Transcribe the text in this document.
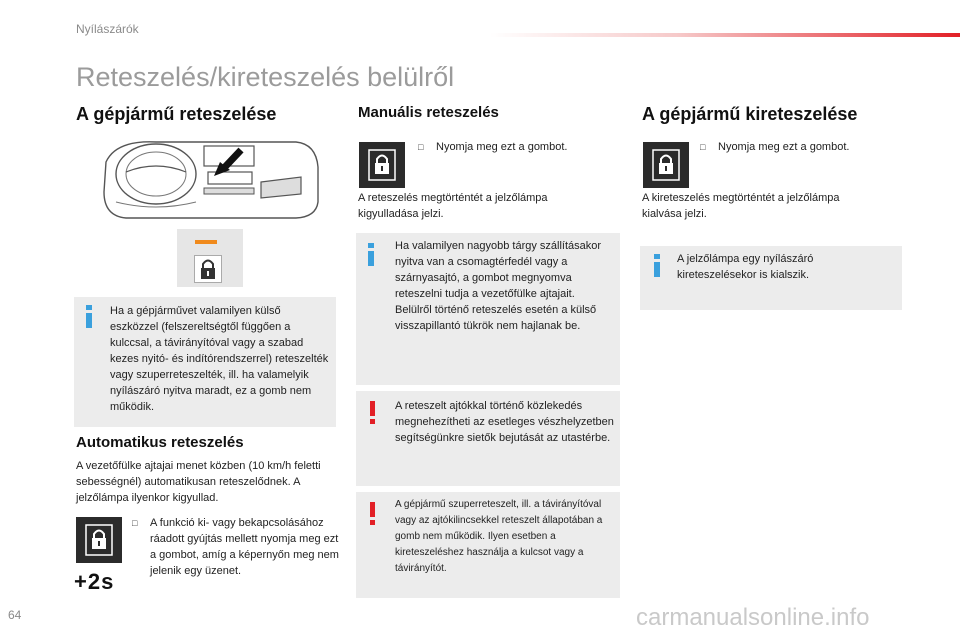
Nyílászárók
Reteszelés/kireteszelés belülről
A gépjármű reteszelése
Ha a gépjárművet valamilyen külső eszközzel (felszereltségtől függően a kulccsal, a távirányítóval vagy a szabad kezes nyitó- és indítórendszerrel) reteszelték vagy szuperreteszelték, ill. ha valamelyik nyílászáró nyitva maradt, ez a gomb nem működik.
Automatikus reteszelés
A vezetőfülke ajtajai menet közben (10 km/h feletti sebességnél) automatikusan reteszelődnek. A jelzőlámpa ilyenkor kigyullad.
+2s
□ A funkció ki- vagy bekapcsolásához ráadott gyújtás mellett nyomja meg ezt a gombot, amíg a képernyőn meg nem jelenik egy üzenet.
Manuális reteszelés
□ Nyomja meg ezt a gombot.
A reteszelés megtörténtét a jelzőlámpa kigyulladása jelzi.
Ha valamilyen nagyobb tárgy szállításakor nyitva van a csomagtérfedél vagy a szárnyasajtó, a gombot megnyomva reteszelni tudja a vezetőfülke ajtajait.
Belülről történő reteszelés esetén a külső visszapillantó tükrök nem hajlanak be.
A reteszelt ajtókkal történő közlekedés megnehezítheti az esetleges vészhelyzetben segítségünkre sietők bejutását az utastérbe.
A gépjármű szuperreteszelt, ill. a távirányítóval vagy az ajtókilincsekkel reteszelt állapotában a gomb nem működik. Ilyen esetben a kireteszeléshez használja a kulcsot vagy a távirányítót.
A gépjármű kireteszelése
□ Nyomja meg ezt a gombot.
A kireteszelés megtörténtét a jelzőlámpa kialvása jelzi.
A jelzőlámpa egy nyílászáró kireteszelésekor is kialszik.
64	carmanualsonline.info
